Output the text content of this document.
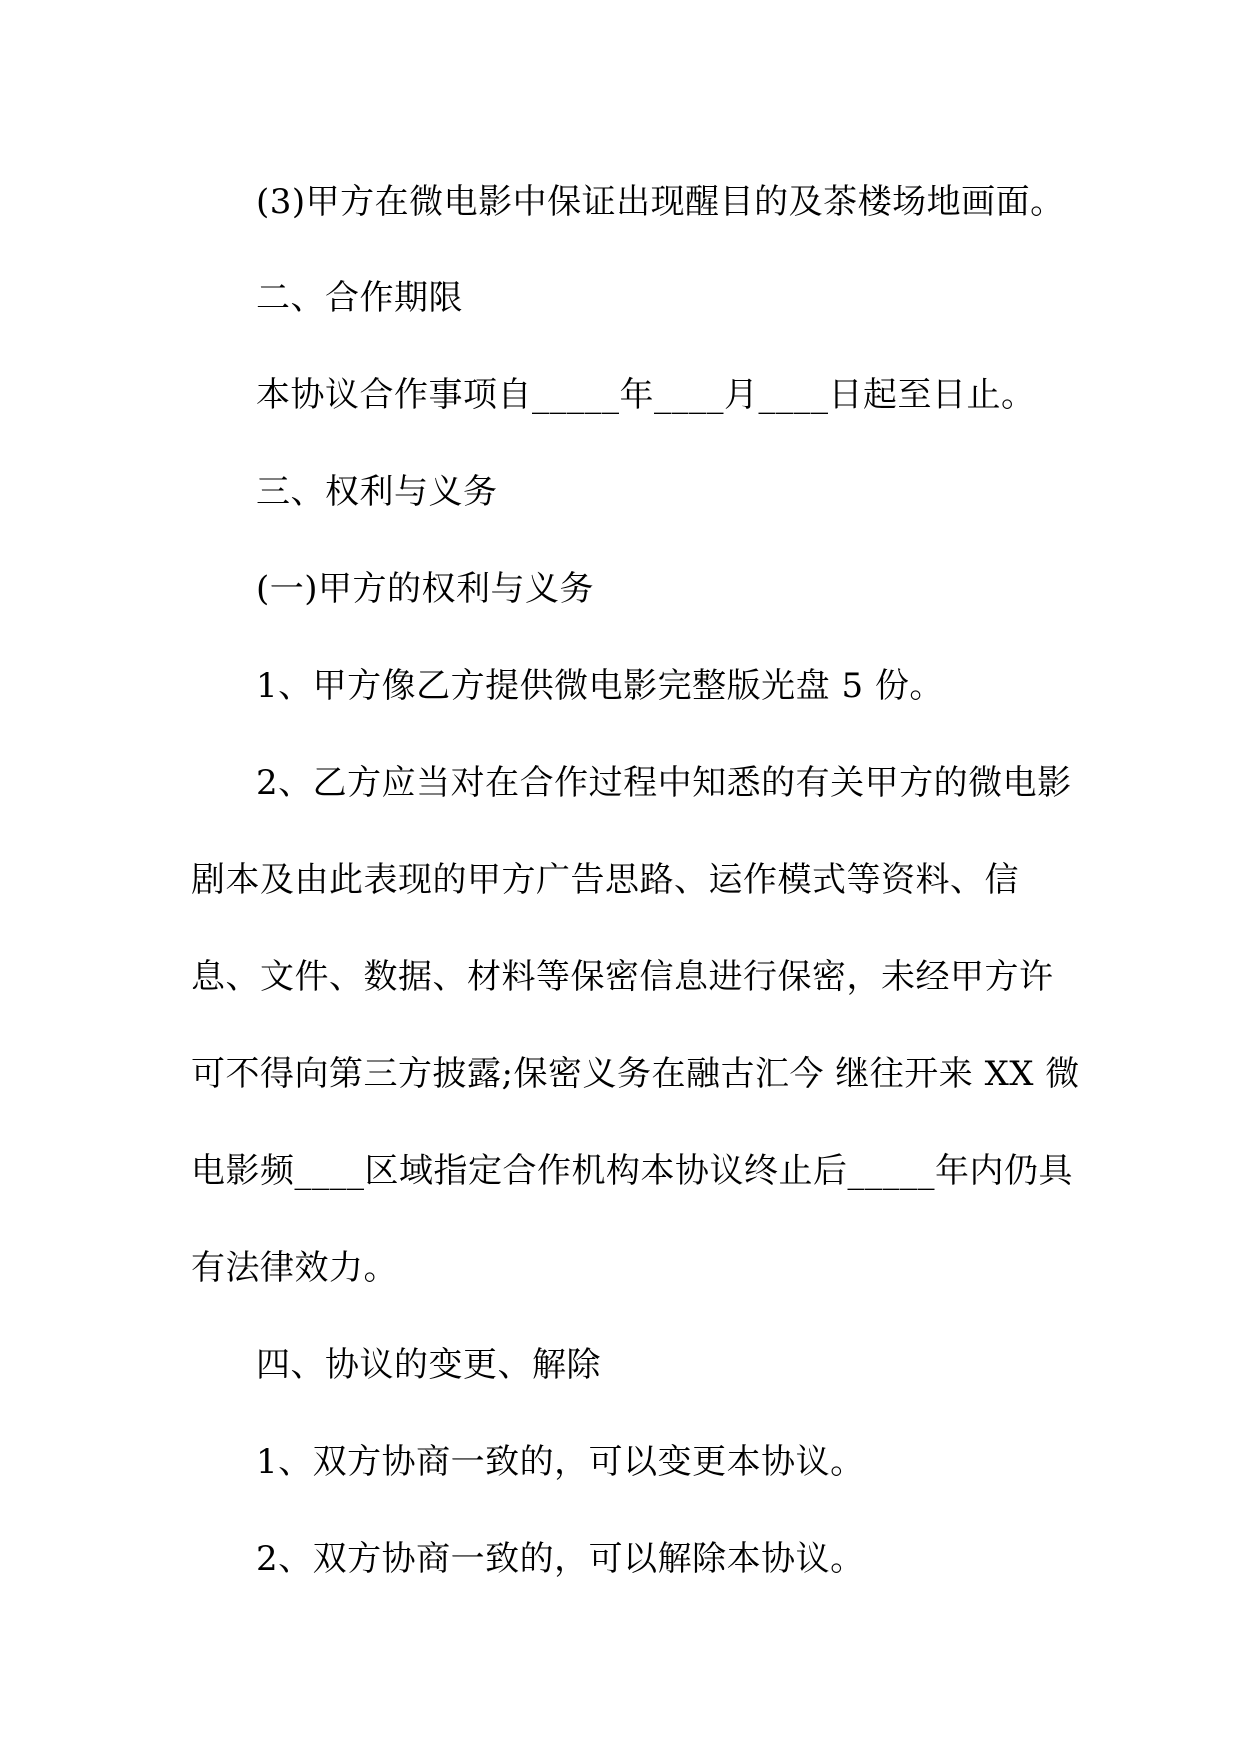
(3)甲方在微电影中保证出现醒目的及茶楼场地画面。
二、合作期限
本协议合作事项自_____年____月____日起至日止。
三、权利与义务
(一)甲方的权利与义务
1、甲方像乙方提供微电影完整版光盘 5 份。
2、乙方应当对在合作过程中知悉的有关甲方的微电影
剧本及由此表现的甲方广告思路、运作模式等资料、信
息、文件、数据、材料等保密信息进行保密，未经甲方许
可不得向第三方披露;保密义务在融古汇今 继往开来 XX 微
电影频____区域指定合作机构本协议终止后_____年内仍具
有法律效力。
四、协议的变更、解除
1、双方协商一致的，可以变更本协议。
2、双方协商一致的，可以解除本协议。
